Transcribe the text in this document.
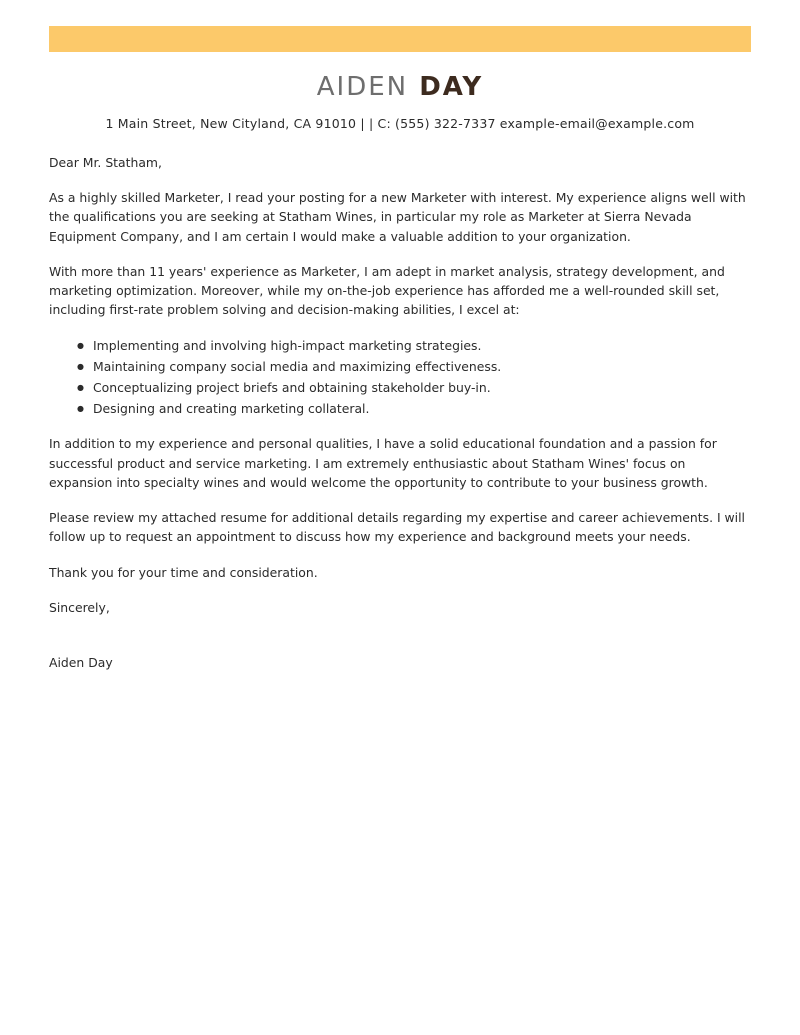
AIDEN DAY
1 Main Street, New Cityland, CA 91010 | | C: (555) 322-7337 example-email@example.com

Dear Mr. Statham,

As a highly skilled Marketer, I read your posting for a new Marketer with interest. My experience aligns well with the qualifications you are seeking at Statham Wines, in particular my role as Marketer at Sierra Nevada Equipment Company, and I am certain I would make a valuable addition to your organization.

With more than 11 years' experience as Marketer, I am adept in market analysis, strategy development, and marketing optimization. Moreover, while my on-the-job experience has afforded me a well-rounded skill set, including first-rate problem solving and decision-making abilities, I excel at:

● Implementing and involving high-impact marketing strategies.
● Maintaining company social media and maximizing effectiveness.
● Conceptualizing project briefs and obtaining stakeholder buy-in.
● Designing and creating marketing collateral.

In addition to my experience and personal qualities, I have a solid educational foundation and a passion for successful product and service marketing. I am extremely enthusiastic about Statham Wines' focus on expansion into specialty wines and would welcome the opportunity to contribute to your business growth.

Please review my attached resume for additional details regarding my expertise and career achievements. I will follow up to request an appointment to discuss how my experience and background meets your needs.

Thank you for your time and consideration.

Sincerely,

Aiden Day
